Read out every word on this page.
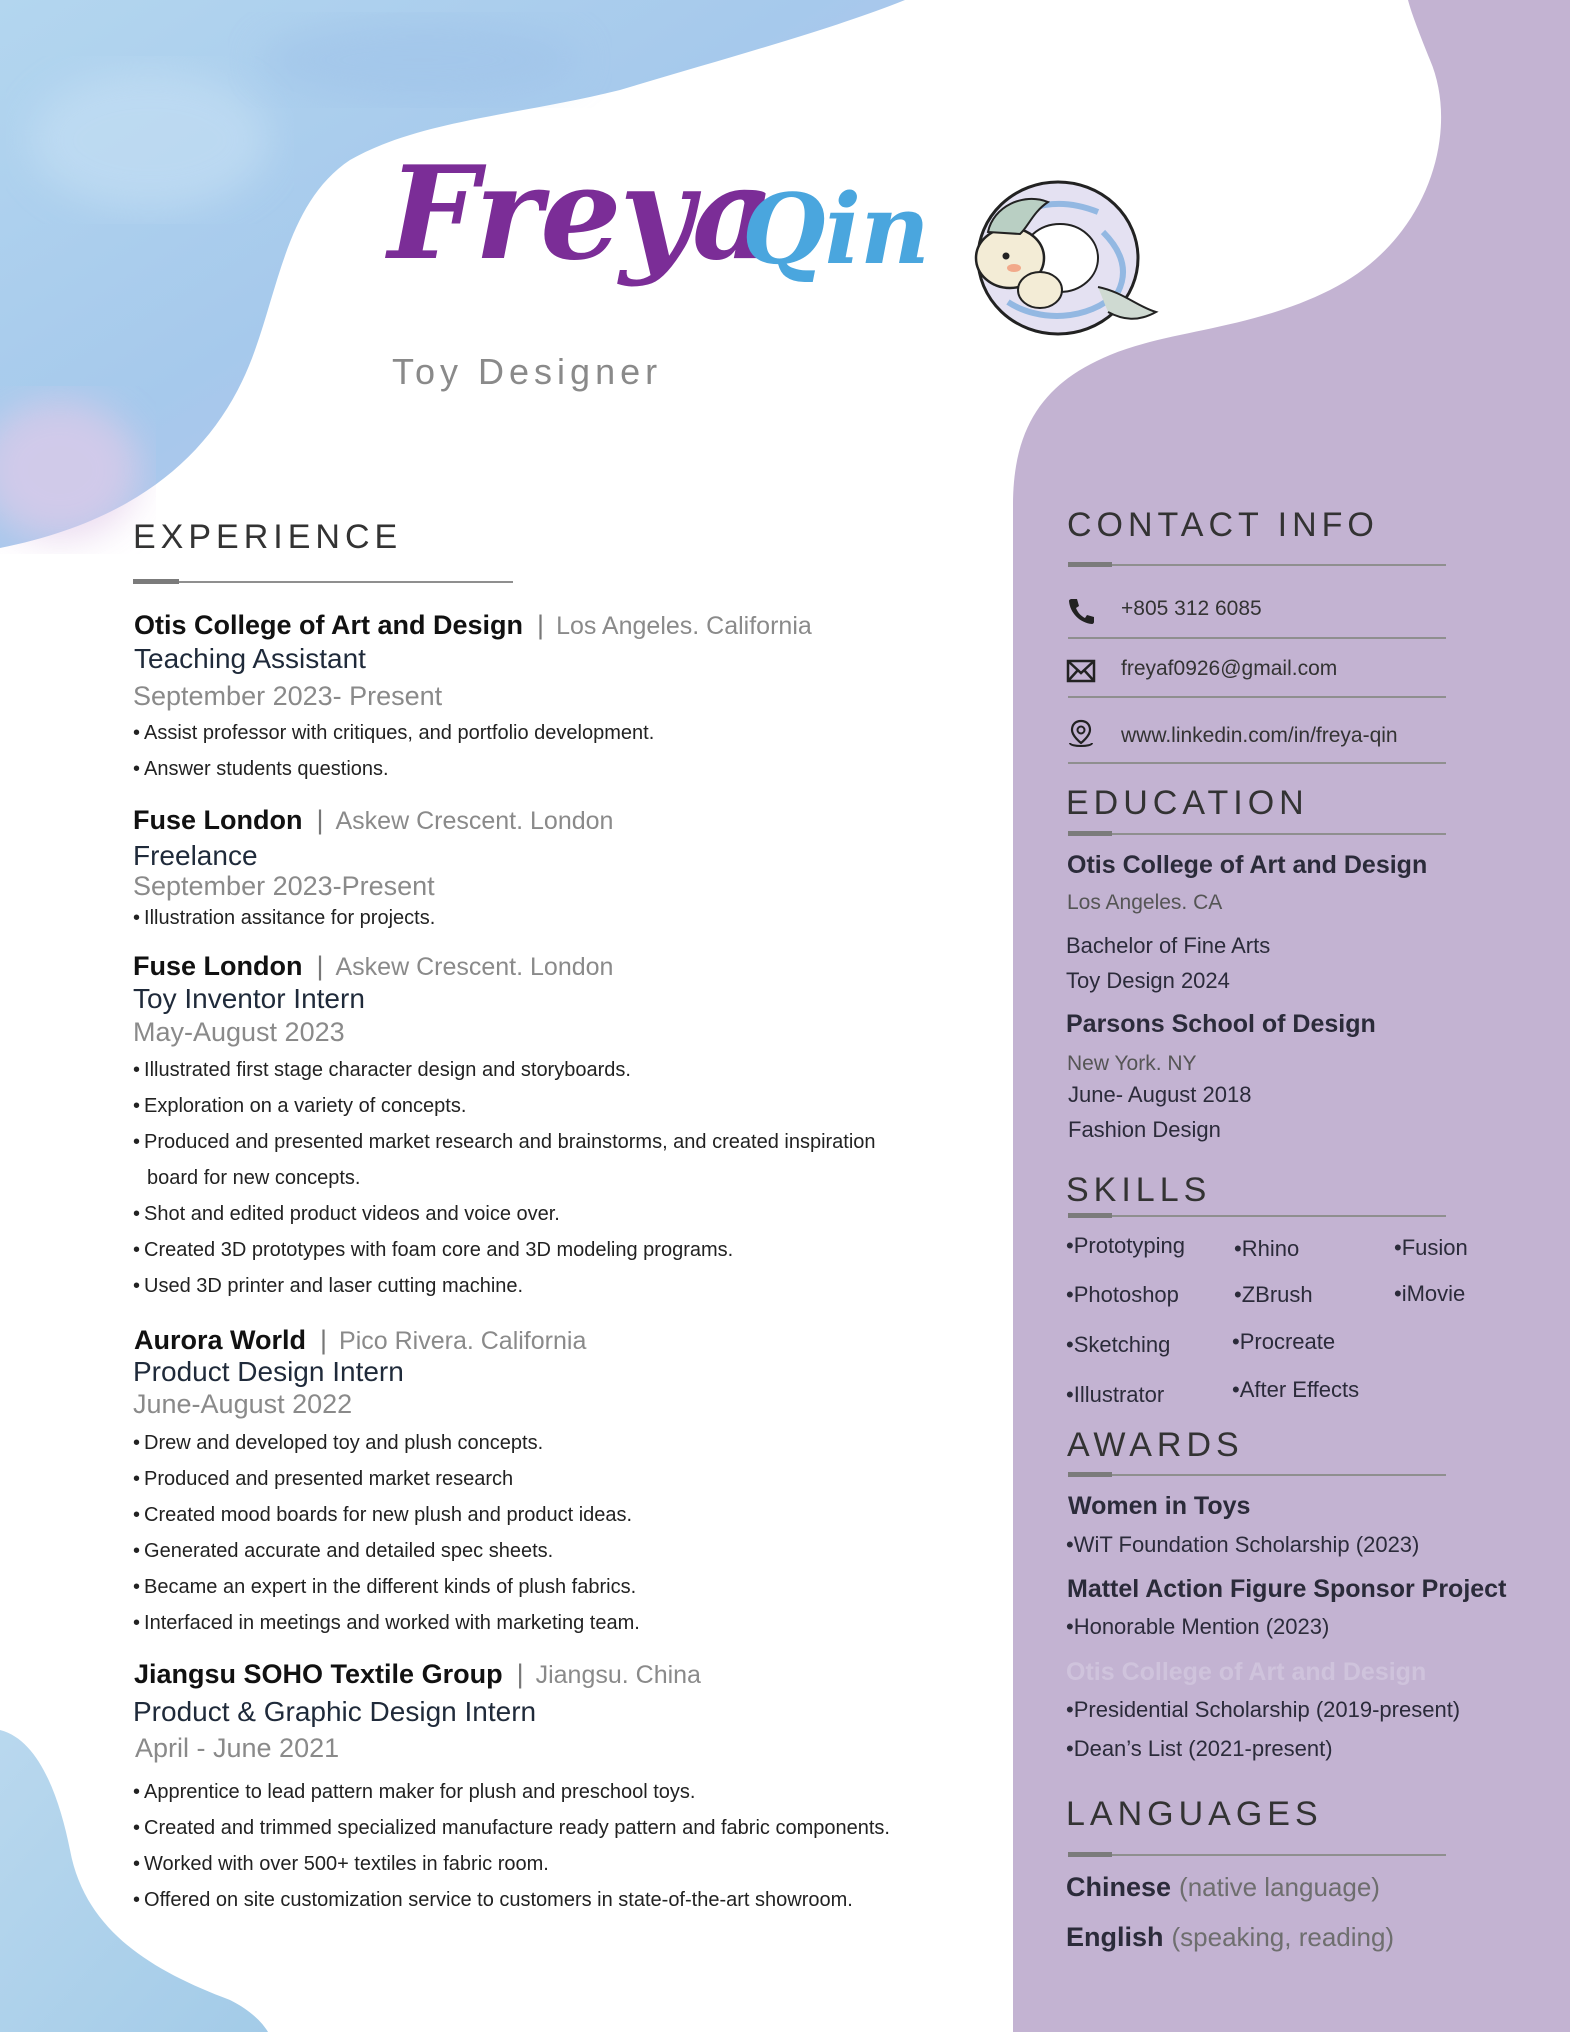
Freya
Qin
Toy Designer
EXPERIENCE
Otis College of Art and Design | Los Angeles. California
Teaching Assistant
September 2023- Present
• Assist professor with critiques, and portfolio development.
• Answer students questions.
Fuse London | Askew Crescent. London
Freelance
September 2023-Present
• Illustration assitance for projects.
Fuse London | Askew Crescent. London
Toy Inventor Intern
May-August 2023
• Illustrated first stage character design and storyboards.
• Exploration on a variety of concepts.
• Produced and presented market research and brainstorms, and created inspiration board for new concepts.
• Shot and edited product videos and voice over.
• Created 3D prototypes with foam core and 3D modeling programs.
• Used 3D printer and laser cutting machine.
Aurora World | Pico Rivera. California
Product Design Intern
June-August 2022
• Drew and developed toy and plush concepts.
• Produced and presented market research
• Created mood boards for new plush and product ideas.
• Generated accurate and detailed spec sheets.
• Became an expert in the different kinds of plush fabrics.
• Interfaced in meetings and worked with marketing team.
Jiangsu SOHO Textile Group | Jiangsu. China
Product & Graphic Design Intern
April - June 2021
• Apprentice to lead pattern maker for plush and preschool toys.
• Created and trimmed specialized manufacture ready pattern and fabric components.
• Worked with over 500+ textiles in fabric room.
• Offered on site customization service to customers in state-of-the-art showroom.
CONTACT INFO
+805 312 6085
freyaf0926@gmail.com
www.linkedin.com/in/freya-qin
EDUCATION
Otis College of Art and Design
Los Angeles. CA
Bachelor of Fine Arts
Toy Design 2024
Parsons School of Design
New York. NY
June- August 2018
Fashion Design
SKILLS
• Prototyping
• Photoshop
• Sketching
• Illustrator
• Rhino
• ZBrush
• Procreate
• After Effects
• Fusion
• iMovie
AWARDS
Women in Toys
• WiT Foundation Scholarship (2023)
Mattel Action Figure Sponsor Project
• Honorable Mention (2023)
Otis College of Art and Design
• Presidential Scholarship (2019-present)
• Dean’s List (2021-present)
LANGUAGES
Chinese (native language)
English (speaking, reading)
